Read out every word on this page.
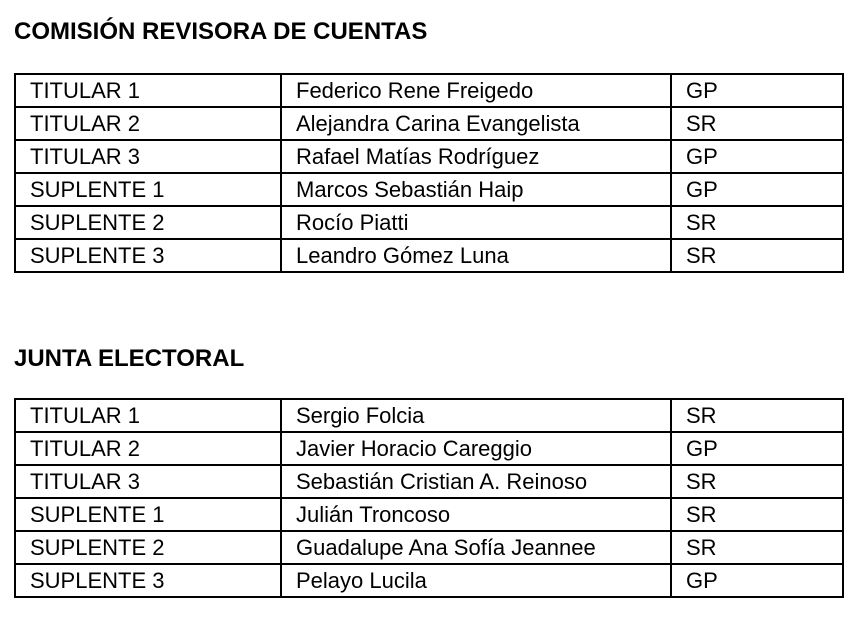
COMISIÓN REVISORA DE CUENTAS
TITULAR 1	Federico Rene Freigedo	GP
TITULAR 2	Alejandra Carina Evangelista	SR
TITULAR 3	Rafael Matías Rodríguez	GP
SUPLENTE 1	Marcos Sebastián Haip	GP
SUPLENTE 2	Rocío Piatti	SR
SUPLENTE 3	Leandro Gómez Luna	SR
JUNTA ELECTORAL
TITULAR 1	Sergio Folcia	SR
TITULAR 2	Javier Horacio Careggio	GP
TITULAR 3	Sebastián Cristian A. Reinoso	SR
SUPLENTE 1	Julián Troncoso	SR
SUPLENTE 2	Guadalupe Ana Sofía Jeannee	SR
SUPLENTE 3	Pelayo Lucila	GP
